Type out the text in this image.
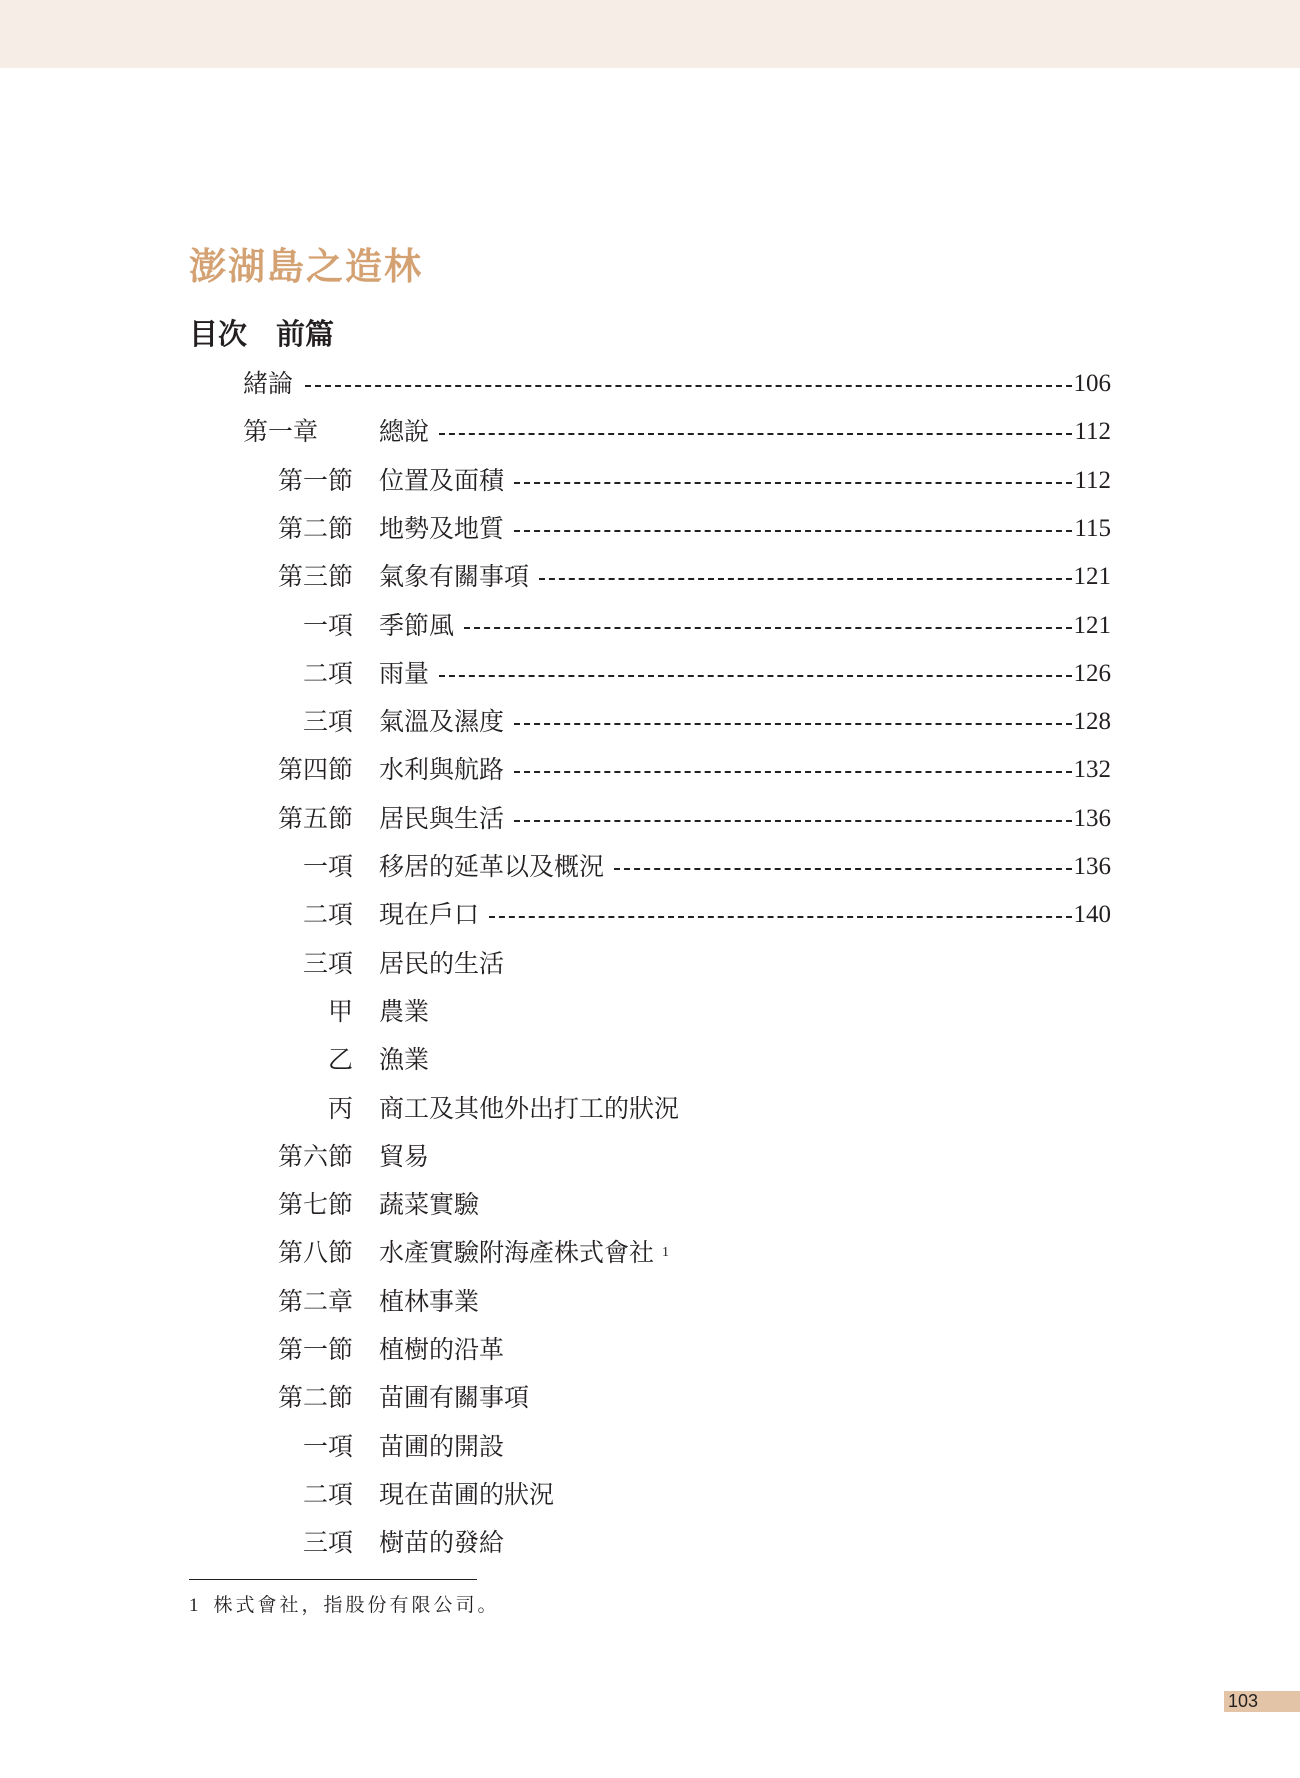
澎湖島之造林
目次　前篇
緒論	106
第一章 總說	112
第一節 位置及面積	112
第二節 地勢及地質	115
第三節 氣象有關事項	121
一項 季節風	121
二項 雨量	126
三項 氣溫及濕度	128
第四節 水利與航路	132
第五節 居民與生活	136
一項 移居的延革以及概況	136
二項 現在戶口	140
三項 居民的生活
甲 農業
乙 漁業
丙 商工及其他外出打工的狀況
第六節 貿易
第七節 蔬菜實驗
第八節 水產實驗附海產株式會社 1
第二章 植林事業
第一節 植樹的沿革
第二節 苗圃有關事項
一項 苗圃的開設
二項 現在苗圃的狀況
三項 樹苗的發給
1 株式會社，指股份有限公司。
103
